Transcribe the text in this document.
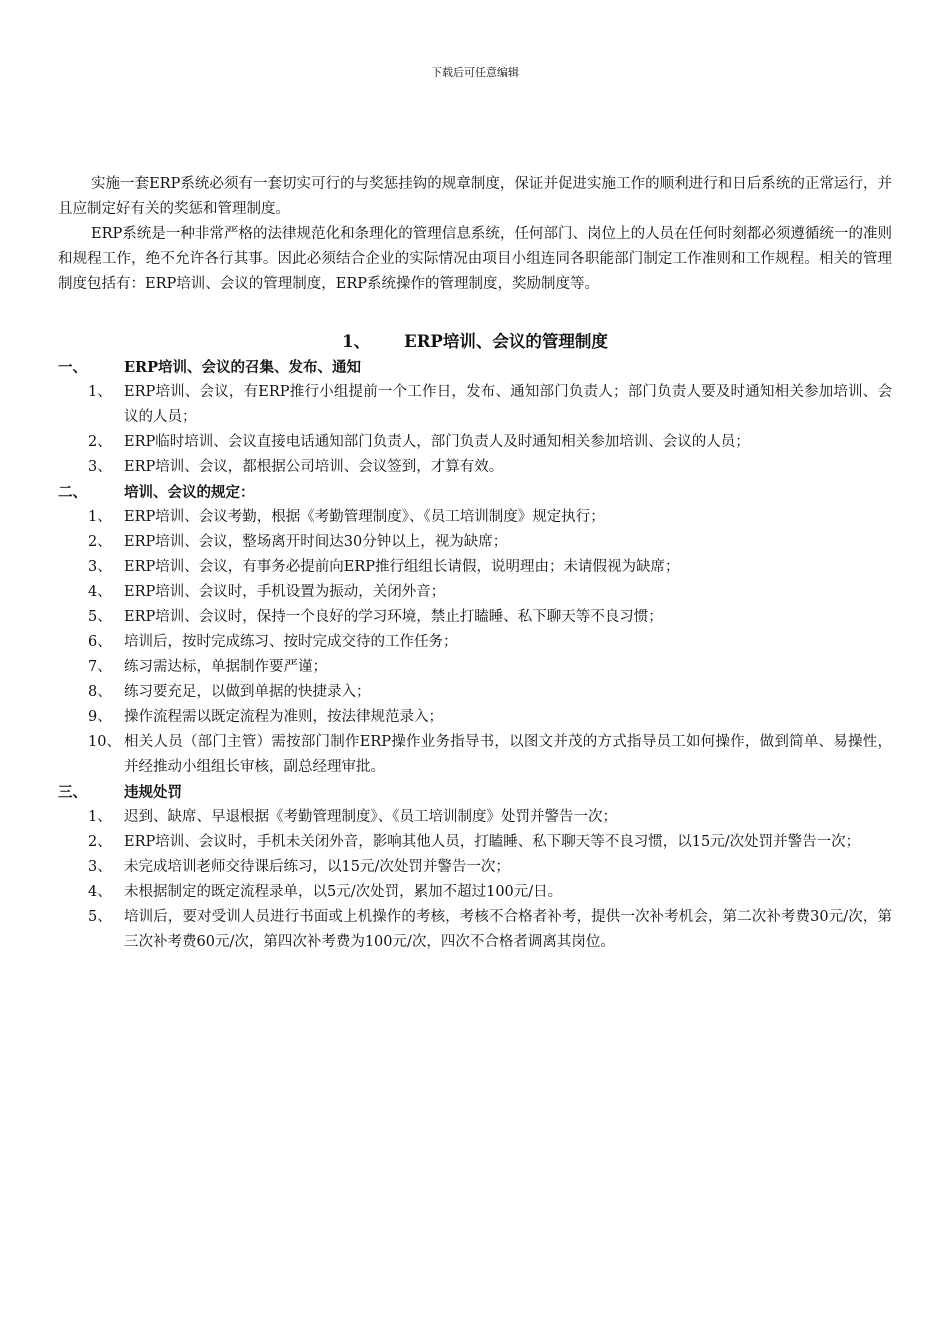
下载后可任意编辑

实施一套ERP系统必须有一套切实可行的与奖惩挂钩的规章制度，保证并促进实施工作的顺利进行和日后系统的正常运行，并且应制定好有关的奖惩和管理制度。

ERP系统是一种非常严格的法律规范化和条理化的管理信息系统，任何部门、岗位上的人员在任何时刻都必须遵循统一的准则和规程工作，绝不允许各行其事。因此必须结合企业的实际情况由项目小组连同各职能部门制定工作准则和工作规程。相关的管理制度包括有：ERP培训、会议的管理制度，ERP系统操作的管理制度，奖励制度等。

1、 ERP培训、会议的管理制度
一、	ERP培训、会议的召集、发布、通知
1、 ERP培训、会议，有ERP推行小组提前一个工作日，发布、通知部门负责人；部门负责人要及时通知相关参加培训、会议的人员；
2、 ERP临时培训、会议直接电话通知部门负责人，部门负责人及时通知相关参加培训、会议的人员；
3、 ERP培训、会议，都根据公司培训、会议签到，才算有效。
二、	培训、会议的规定：
1、 ERP培训、会议考勤，根据《考勤管理制度》、《员工培训制度》规定执行；
2、 ERP培训、会议，整场离开时间达30分钟以上，视为缺席；
3、 ERP培训、会议，有事务必提前向ERP推行组组长请假，说明理由；未请假视为缺席；
4、 ERP培训、会议时，手机设置为振动，关闭外音；
5、 ERP培训、会议时，保持一个良好的学习环境，禁止打瞌睡、私下聊天等不良习惯；
6、 培训后，按时完成练习、按时完成交待的工作任务；
7、 练习需达标，单据制作要严谨；
8、 练习要充足，以做到单据的快捷录入；
9、 操作流程需以既定流程为准则，按法律规范录入；
10、 相关人员（部门主管）需按部门制作ERP操作业务指导书，以图文并茂的方式指导员工如何操作，做到简单、易操性，并经推动小组组长审核，副总经理审批。
三、	违规处罚
1、 迟到、缺席、早退根据《考勤管理制度》、《员工培训制度》处罚并警告一次；
2、 ERP培训、会议时，手机未关闭外音，影响其他人员，打瞌睡、私下聊天等不良习惯，以15元/次处罚并警告一次；
3、 未完成培训老师交待课后练习，以15元/次处罚并警告一次；
4、 未根据制定的既定流程录单，以5元/次处罚，累加不超过100元/日。
5、 培训后，要对受训人员进行书面或上机操作的考核，考核不合格者补考，提供一次补考机会，第二次补考费30元/次，第三次补考费60元/次，第四次补考费为100元/次，四次不合格者调离其岗位。
